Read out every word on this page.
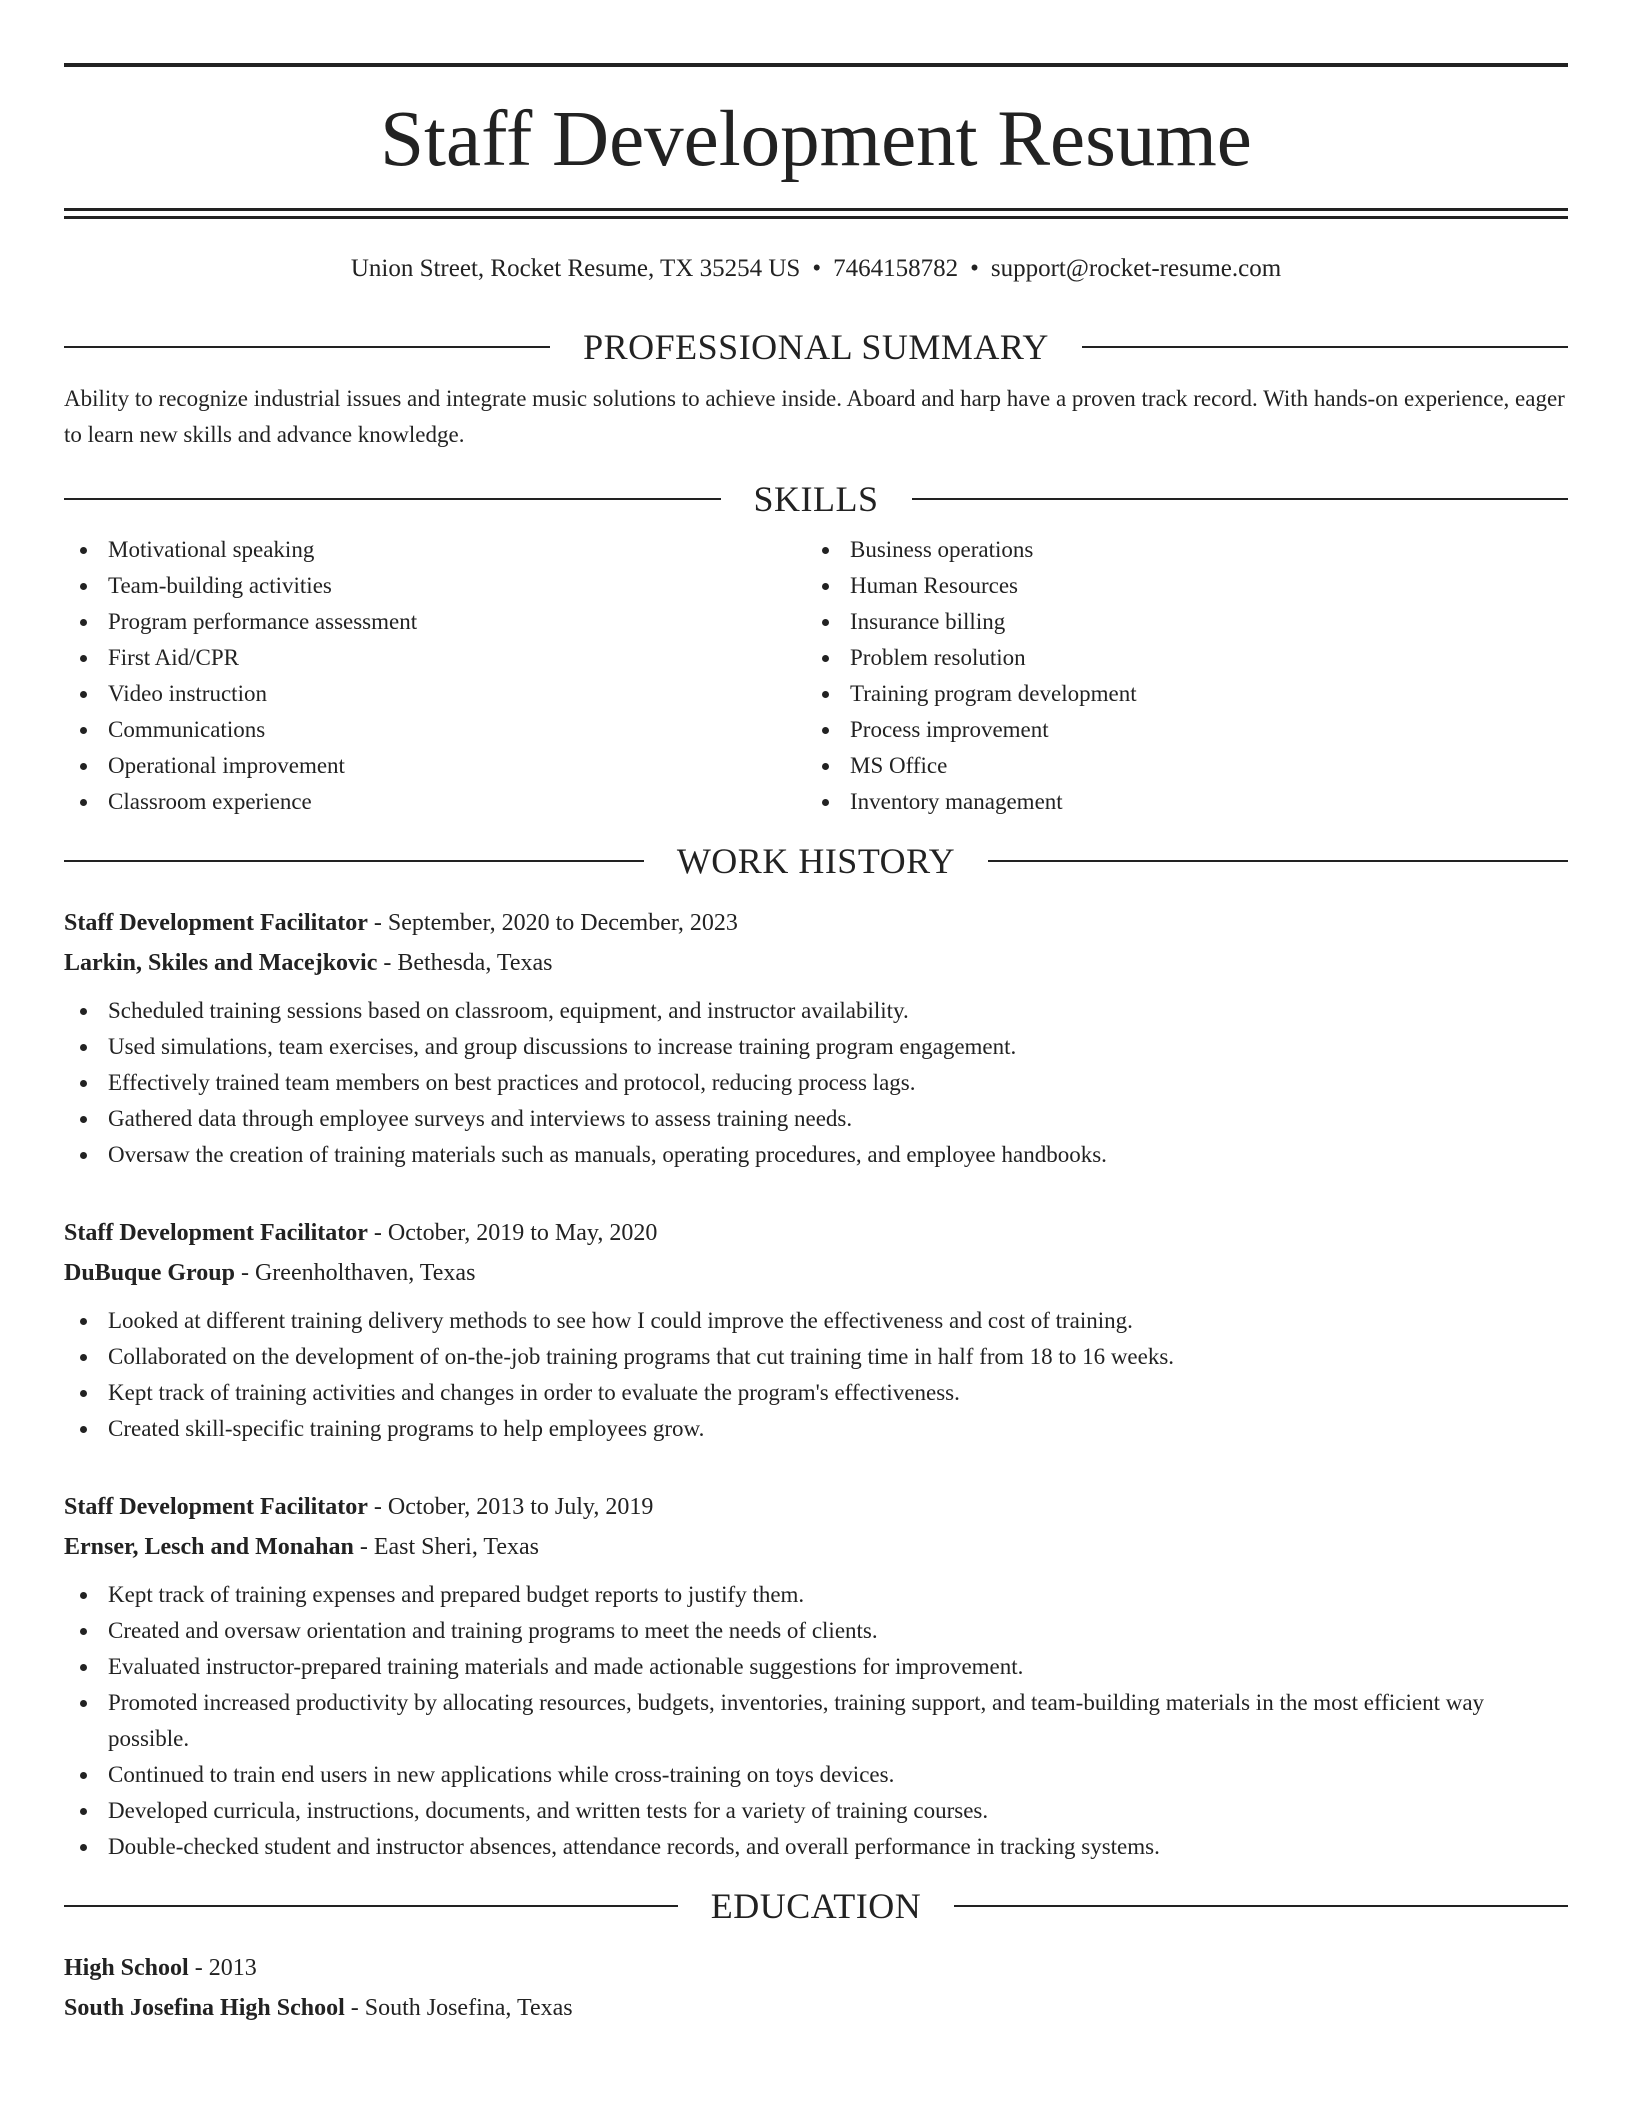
Staff Development Resume
Union Street, Rocket Resume, TX 35254 US • 7464158782 • support@rocket-resume.com
PROFESSIONAL SUMMARY
Ability to recognize industrial issues and integrate music solutions to achieve inside. Aboard and harp have a proven track record. With hands-on experience, eager to learn new skills and advance knowledge.
SKILLS
Motivational speaking
Team-building activities
Program performance assessment
First Aid/CPR
Video instruction
Communications
Operational improvement
Classroom experience
Business operations
Human Resources
Insurance billing
Problem resolution
Training program development
Process improvement
MS Office
Inventory management
WORK HISTORY
Staff Development Facilitator - September, 2020 to December, 2023
Larkin, Skiles and Macejkovic - Bethesda, Texas
Scheduled training sessions based on classroom, equipment, and instructor availability.
Used simulations, team exercises, and group discussions to increase training program engagement.
Effectively trained team members on best practices and protocol, reducing process lags.
Gathered data through employee surveys and interviews to assess training needs.
Oversaw the creation of training materials such as manuals, operating procedures, and employee handbooks.
Staff Development Facilitator - October, 2019 to May, 2020
DuBuque Group - Greenholthaven, Texas
Looked at different training delivery methods to see how I could improve the effectiveness and cost of training.
Collaborated on the development of on-the-job training programs that cut training time in half from 18 to 16 weeks.
Kept track of training activities and changes in order to evaluate the program's effectiveness.
Created skill-specific training programs to help employees grow.
Staff Development Facilitator - October, 2013 to July, 2019
Ernser, Lesch and Monahan - East Sheri, Texas
Kept track of training expenses and prepared budget reports to justify them.
Created and oversaw orientation and training programs to meet the needs of clients.
Evaluated instructor-prepared training materials and made actionable suggestions for improvement.
Promoted increased productivity by allocating resources, budgets, inventories, training support, and team-building materials in the most efficient way possible.
Continued to train end users in new applications while cross-training on toys devices.
Developed curricula, instructions, documents, and written tests for a variety of training courses.
Double-checked student and instructor absences, attendance records, and overall performance in tracking systems.
EDUCATION
High School - 2013
South Josefina High School - South Josefina, Texas
